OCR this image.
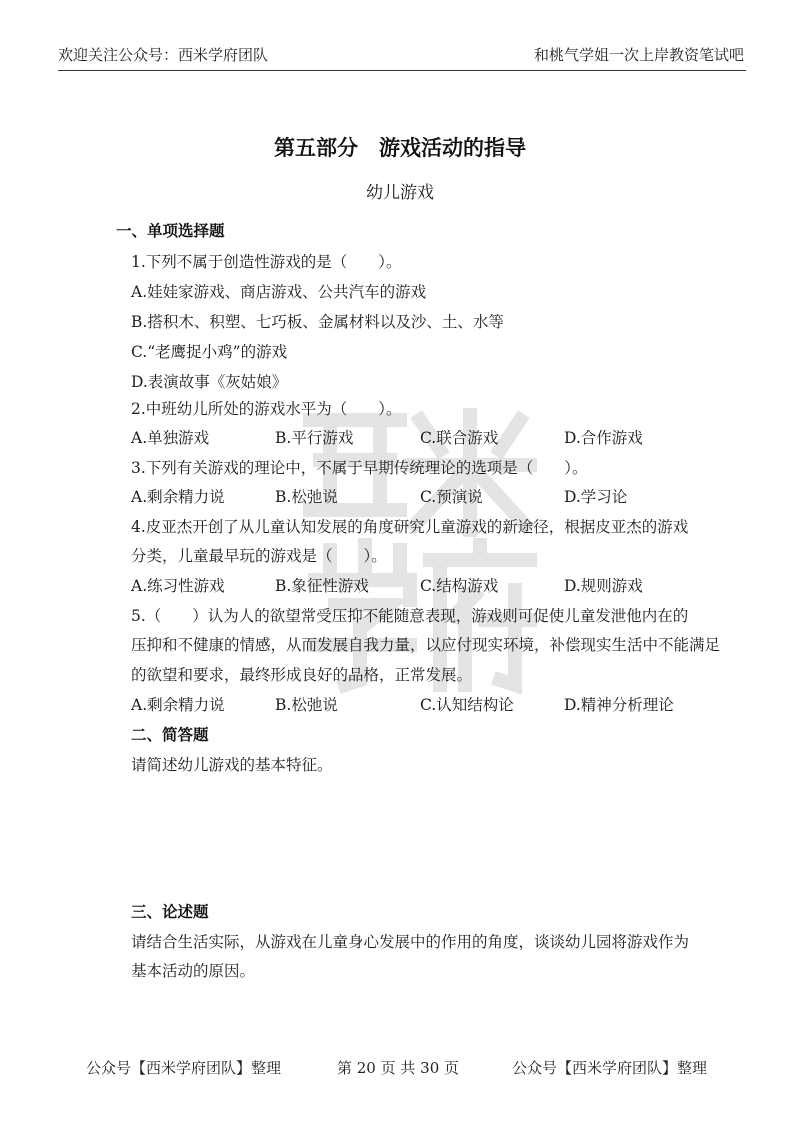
欢迎关注公众号：西米学府团队	和桃气学姐一次上岸教资笔试吧
第五部分　游戏活动的指导
幼儿游戏
一、单项选择题
1.下列不属于创造性游戏的是（　　）。
A.娃娃家游戏、商店游戏、公共汽车的游戏
B.搭积木、积塑、七巧板、金属材料以及沙、土、水等
C.“老鹰捉小鸡”的游戏
D.表演故事《灰姑娘》
2.中班幼儿所处的游戏水平为（　　）。
A.单独游戏	B.平行游戏	C.联合游戏	D.合作游戏
3.下列有关游戏的理论中，不属于早期传统理论的选项是（　　）。
A.剩余精力说	B.松弛说	C.预演说	D.学习论
4.皮亚杰开创了从儿童认知发展的角度研究儿童游戏的新途径，根据皮亚杰的游戏
分类，儿童最早玩的游戏是（　　）。
A.练习性游戏	B.象征性游戏	C.结构游戏	D.规则游戏
5.（　　）认为人的欲望常受压抑不能随意表现，游戏则可促使儿童发泄他内在的
压抑和不健康的情感，从而发展自我力量，以应付现实环境，补偿现实生活中不能满足
的欲望和要求，最终形成良好的品格，正常发展。
A.剩余精力说	B.松弛说	C.认知结构论	D.精神分析理论
二、简答题
请简述幼儿游戏的基本特征。
三、论述题
请结合生活实际，从游戏在儿童身心发展中的作用的角度，谈谈幼儿园将游戏作为
基本活动的原因。
公众号【西米学府团队】整理	第 20 页 共 30 页	公众号【西米学府团队】整理
